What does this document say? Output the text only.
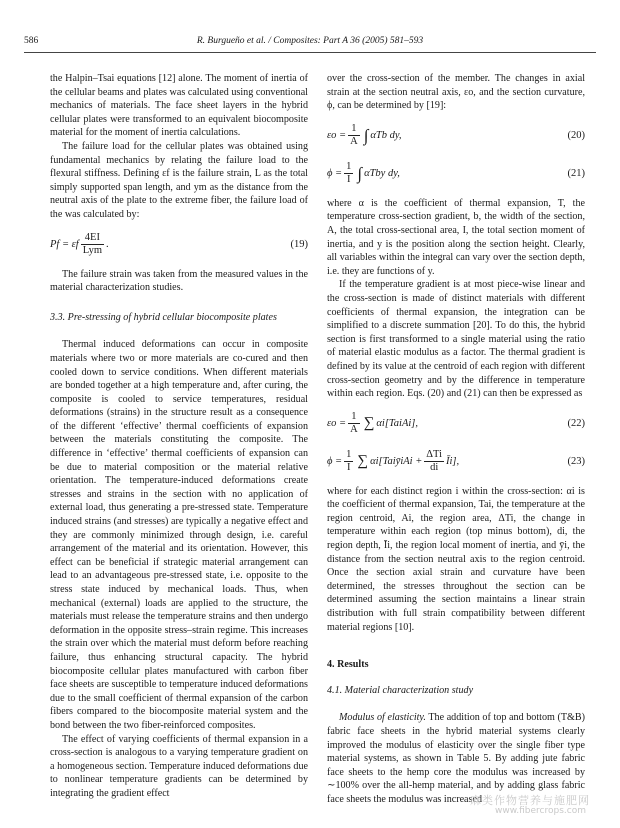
586	R. Burgueño et al. / Composites: Part A 36 (2005) 581–593

the Halpin–Tsai equations [12] alone. The moment of inertia of the cellular beams and plates was calculated using conventional mechanics of materials. The face sheet layers in the hybrid cellular plates were transformed to an equivalent biocomposite material for the moment of inertia calculations.

The failure load for the cellular plates was obtained using fundamental mechanics by relating the failure load to the flexural stiffness. Defining εf is the failure strain, L as the total simply supported span length, and ym as the distance from the neutral axis of the plate to the extreme fiber, the failure load of the was calculated by:

Pf = εf $\frac{4EI}{\text{Lym}}$ .	(19)

The failure strain was taken from the measured values in the material characterization studies.

3.3. Pre-stressing of hybrid cellular biocomposite plates

Thermal induced deformations can occur in composite materials where two or more materials are co-cured and then cooled down to service conditions. When different materials are bonded together at a high temperature and, after curing, the composite is cooled to service temperatures, residual deformations (strains) in the structure result as a consequence of the different ‘effective’ thermal coefficients of expansion between the materials constituting the composite. The difference in ‘effective’ thermal coefficients of expansion can be due to material composition or the material relative orientation. The temperature-induced deformations create stresses and strains in the section with no application of external load, thus generating a pre-stressed state. Temperature induced strains (and stresses) are typically a negative effect and they are commonly minimized through design, i.e. careful arrangement of the material and its orientation. However, this effect can be beneficial if strategic material arrangement can lead to an advantageous pre-stressed state, i.e. opposite to the stress state induced by mechanical loads. Thus, when mechanical (external) loads are applied to the structure, the materials must release the temperature strains and then undergo deformation in the opposite stress–strain regime. This increases the strain over which the material must deform before reaching failure, thus enhancing structural capacity. The hybrid biocomposite cellular plates manufactured with carbon fiber face sheets are susceptible to temperature induced deformations due to the small coefficient of thermal expansion of the carbon fibers compared to the biocomposite material system and the bond between the two fiber-reinforced composites.

The effect of varying coefficients of thermal expansion in a cross-section is analogous to a varying temperature gradient on a homogeneous section. Temperature induced deformations due to nonlinear temperature gradients can be determined by integrating the gradient effect

over the cross-section of the member. The changes in axial strain at the section neutral axis, εo, and the section curvature, ϕ, can be determined by [19]:

$\varepsilon o = \frac{1}{A}$ ∫ αTb dy,	(20)
$\phi = \frac{1}{I}$ ∫ αTby dy,	(21)

where α is the coefficient of thermal expansion, T, the temperature cross-section gradient, b, the width of the section, A, the total cross-sectional area, I, the total section moment of inertia, and y is the position along the section height. Clearly, all variables within the integral can vary over the section depth, i.e. they are functions of y.

If the temperature gradient is at most piece-wise linear and the cross-section is made of distinct materials with different coefficients of thermal expansion, the integration can be simplified to a discrete summation [20]. To do this, the hybrid section is first transformed to a single material using the ratio of material elastic modulus as a factor. The thermal gradient is defined by its value at the centroid of each region with different cross-section geometry and by the difference in temperature within each region. Eqs. (20) and (21) can then be expressed as

$\varepsilon o = \frac{1}{A}$ ∑ αi[TaiAi],	(22)
$\phi = \frac{1}{I}$ ∑ αi[TaiȳiAi + $\frac{\text{ΔTi}}{di}$ Īi],	(23)

where for each distinct region i within the cross-section: αi is the coefficient of thermal expansion, Tai, the temperature at the region centroid, Ai, the region area, ΔTi, the change in temperature within each region (top minus bottom), di, the region depth, Īi, the region local moment of inertia, and ȳi, the distance from the section neutral axis to the region centroid. Once the section axial strain and curvature have been determined, the stresses throughout the section can be determined assuming the section maintains a linear strain distribution with full strain compatibility between different material regions [10].

4. Results
4.1. Material characterization study

Modulus of elasticity. The addition of top and bottom (T&B) fabric face sheets in the hybrid material systems clearly improved the modulus of elasticity over the single fiber type material systems, as shown in Table 5. By adding jute fabric face sheets to the hemp core the modulus was increased by ∼100% over the all-hemp material, and by adding glass fabric face sheets the modulus was increased

麻类作物营养与施肥网
www.fibercrops.com
